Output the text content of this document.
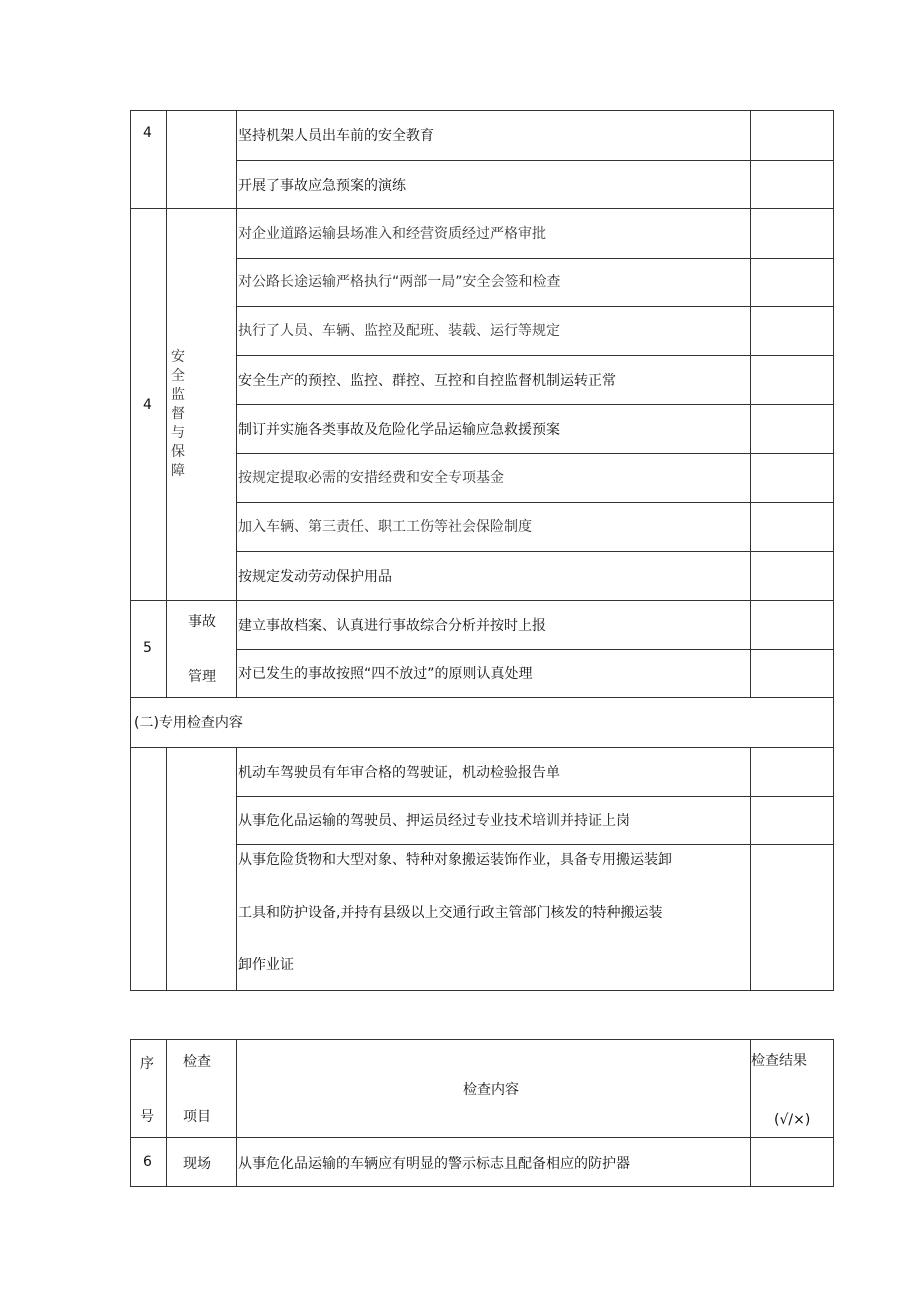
4	坚持机架人员出车前的安全教育
开展了事故应急预案的演练
4
安全监督与保障
对企业道路运输县场准入和经营资质经过严格审批
对公路长途运输严格执行“两部一局”安全会签和检查
执行了人员、车辆、监控及配班、装载、运行等规定
安全生产的预控、监控、群控、互控和自控监督机制运转正常
制订并实施各类事故及危险化学品运输应急救援预案
按规定提取必需的安措经费和安全专项基金
加入车辆、第三责任、职工工伤等社会保险制度
按规定发动劳动保护用品
5
事故
管理
建立事故档案、认真进行事故综合分析并按时上报
对已发生的事故按照“四不放过”的原则认真处理
(二)专用检查内容
机动车驾驶员有年审合格的驾驶证，机动检验报告单
从事危化品运输的驾驶员、押运员经过专业技术培训并持证上岗
从事危险货物和大型对象、特种对象搬运装饰作业，具备专用搬运装卸
工具和防护设备,并持有县级以上交通行政主管部门核发的特种搬运装
卸作业证
序
号
检查
项目
检查内容
检查结果
(√/×)
6 现场 从事危化品运输的车辆应有明显的警示标志且配备相应的防护器
